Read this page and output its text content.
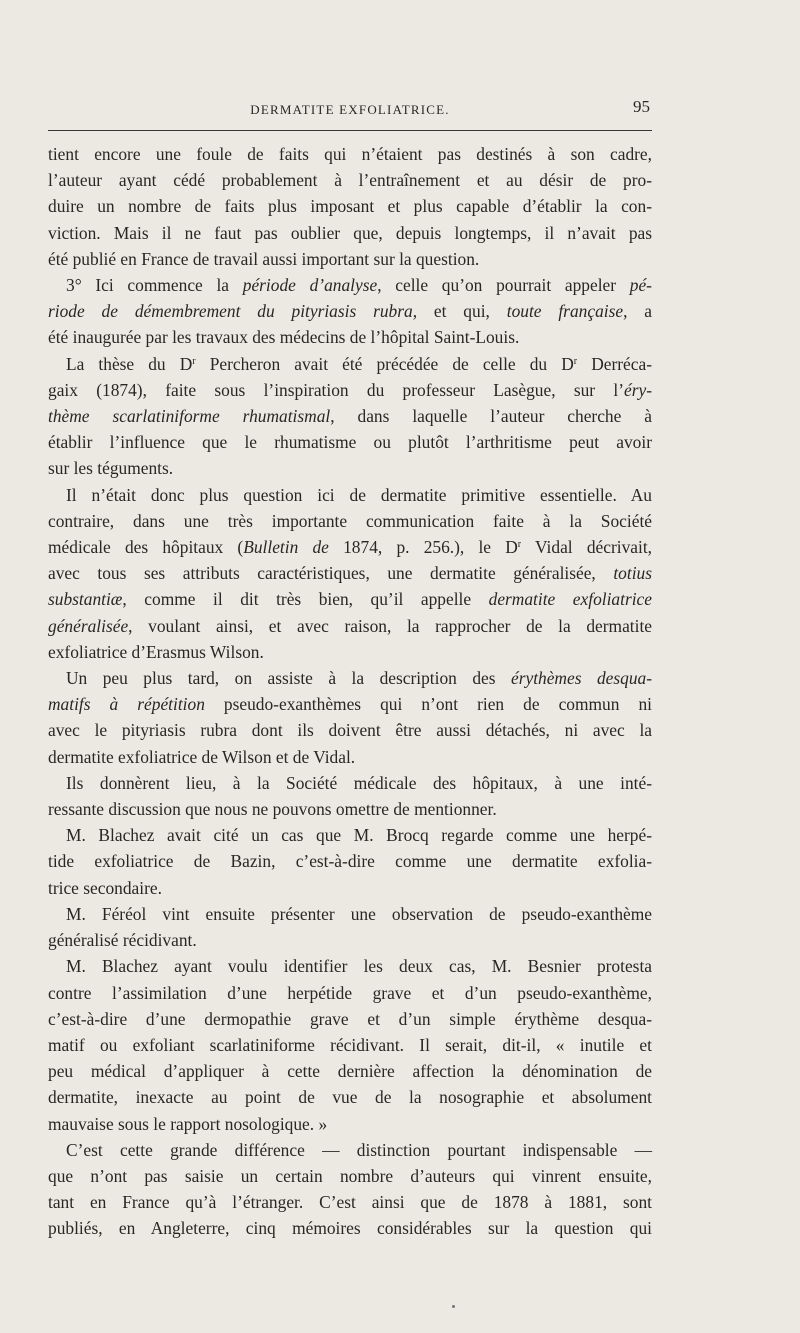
DERMATITE EXFOLIATRICE.	95
tient encore une foule de faits qui n’étaient pas destinés à son cadre,
l’auteur ayant cédé probablement à l’entraînement et au désir de pro-
duire un nombre de faits plus imposant et plus capable d’établir la con-
viction. Mais il ne faut pas oublier que, depuis longtemps, il n’avait pas
été publié en France de travail aussi important sur la question.
3° Ici commence la période d’analyse, celle qu’on pourrait appeler pé-
riode de démembrement du pityriasis rubra, et qui, toute française, a
été inaugurée par les travaux des médecins de l’hôpital Saint-Louis.
La thèse du $D^r$ Percheron avait été précédée de celle du $D^r$ Derréca-
gaix (1874), faite sous l’inspiration du professeur Lasègue, sur l’éry-
thème scarlatiniforme rhumatismal, dans laquelle l’auteur cherche à
établir l’influence que le rhumatisme ou plutôt l’arthritisme peut avoir
sur les téguments.
Il n’était donc plus question ici de dermatite primitive essentielle. Au
contraire, dans une très importante communication faite à la Société
médicale des hôpitaux (Bulletin de 1874, p. 256.), le $D^r$ Vidal décrivait,
avec tous ses attributs caractéristiques, une dermatite généralisée, totius
substantiæ, comme il dit très bien, qu’il appelle dermatite exfoliatrice
généralisée, voulant ainsi, et avec raison, la rapprocher de la dermatite
exfoliatrice d’Erasmus Wilson.
Un peu plus tard, on assiste à la description des érythèmes desqua-
matifs à répétition pseudo-exanthèmes qui n’ont rien de commun ni
avec le pityriasis rubra dont ils doivent être aussi détachés, ni avec la
dermatite exfoliatrice de Wilson et de Vidal.
Ils donnèrent lieu, à la Société médicale des hôpitaux, à une inté-
ressante discussion que nous ne pouvons omettre de mentionner.
M. Blachez avait cité un cas que M. Brocq regarde comme une herpé-
tide exfoliatrice de Bazin, c’est-à-dire comme une dermatite exfolia-
trice secondaire.
M. Féréol vint ensuite présenter une observation de pseudo-exanthème
généralisé récidivant.
M. Blachez ayant voulu identifier les deux cas, M. Besnier protesta
contre l’assimilation d’une herpétide grave et d’un pseudo-exanthème,
c’est-à-dire d’une dermopathie grave et d’un simple érythème desqua-
matif ou exfoliant scarlatiniforme récidivant. Il serait, dit-il, « inutile et
peu médical d’appliquer à cette dernière affection la dénomination de
dermatite, inexacte au point de vue de la nosographie et absolument
mauvaise sous le rapport nosologique. »
C’est cette grande différence — distinction pourtant indispensable —
que n’ont pas saisie un certain nombre d’auteurs qui vinrent ensuite,
tant en France qu’à l’étranger. C’est ainsi que de 1878 à 1881, sont
publiés, en Angleterre, cinq mémoires considérables sur la question qui
